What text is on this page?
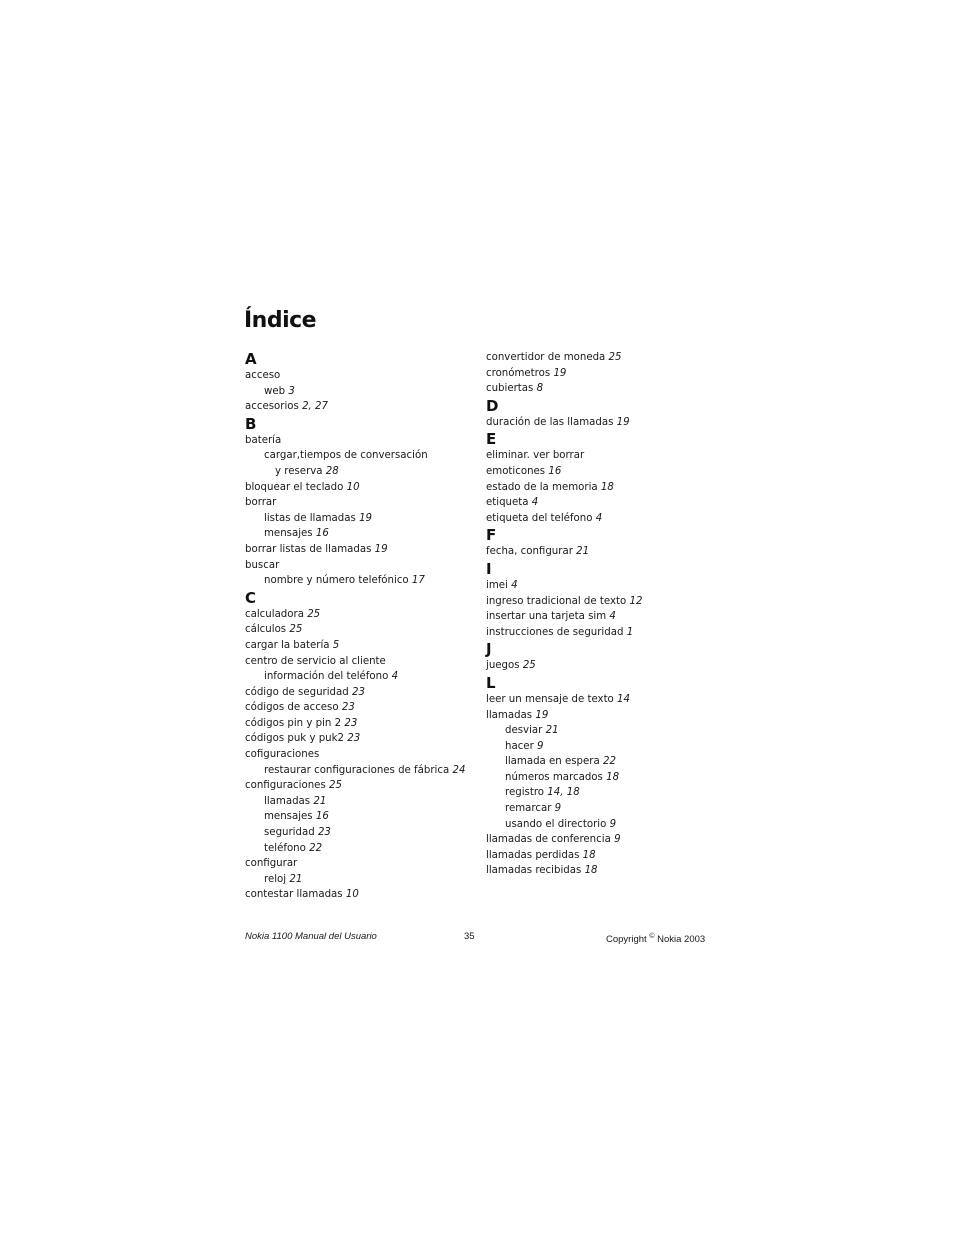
Índice
A
acceso
web 3
accesorios 2, 27
B
batería
cargar,tiempos de conversación
y reserva 28
bloquear el teclado 10
borrar
listas de llamadas 19
mensajes 16
borrar listas de llamadas 19
buscar
nombre y número telefónico 17
C
calculadora 25
cálculos 25
cargar la batería 5
centro de servicio al cliente
información del teléfono 4
código de seguridad 23
códigos de acceso 23
códigos pin y pin 2 23
códigos puk y puk2 23
cofiguraciones
restaurar configuraciones de fábrica 24
configuraciones 25
llamadas 21
mensajes 16
seguridad 23
teléfono 22
configurar
reloj 21
contestar llamadas 10
convertidor de moneda 25
cronómetros 19
cubiertas 8
D
duración de las llamadas 19
E
eliminar. ver borrar
emoticones 16
estado de la memoria 18
etiqueta 4
etiqueta del teléfono 4
F
fecha, configurar 21
I
imei 4
ingreso tradicional de texto 12
insertar una tarjeta sim 4
instrucciones de seguridad 1
J
juegos 25
L
leer un mensaje de texto 14
llamadas 19
desviar 21
hacer 9
llamada en espera 22
números marcados 18
registro 14, 18
remarcar 9
usando el directorio 9
llamadas de conferencia 9
llamadas perdidas 18
llamadas recibidas 18
Nokia 1100 Manual del Usuario	35	Copyright © Nokia 2003
